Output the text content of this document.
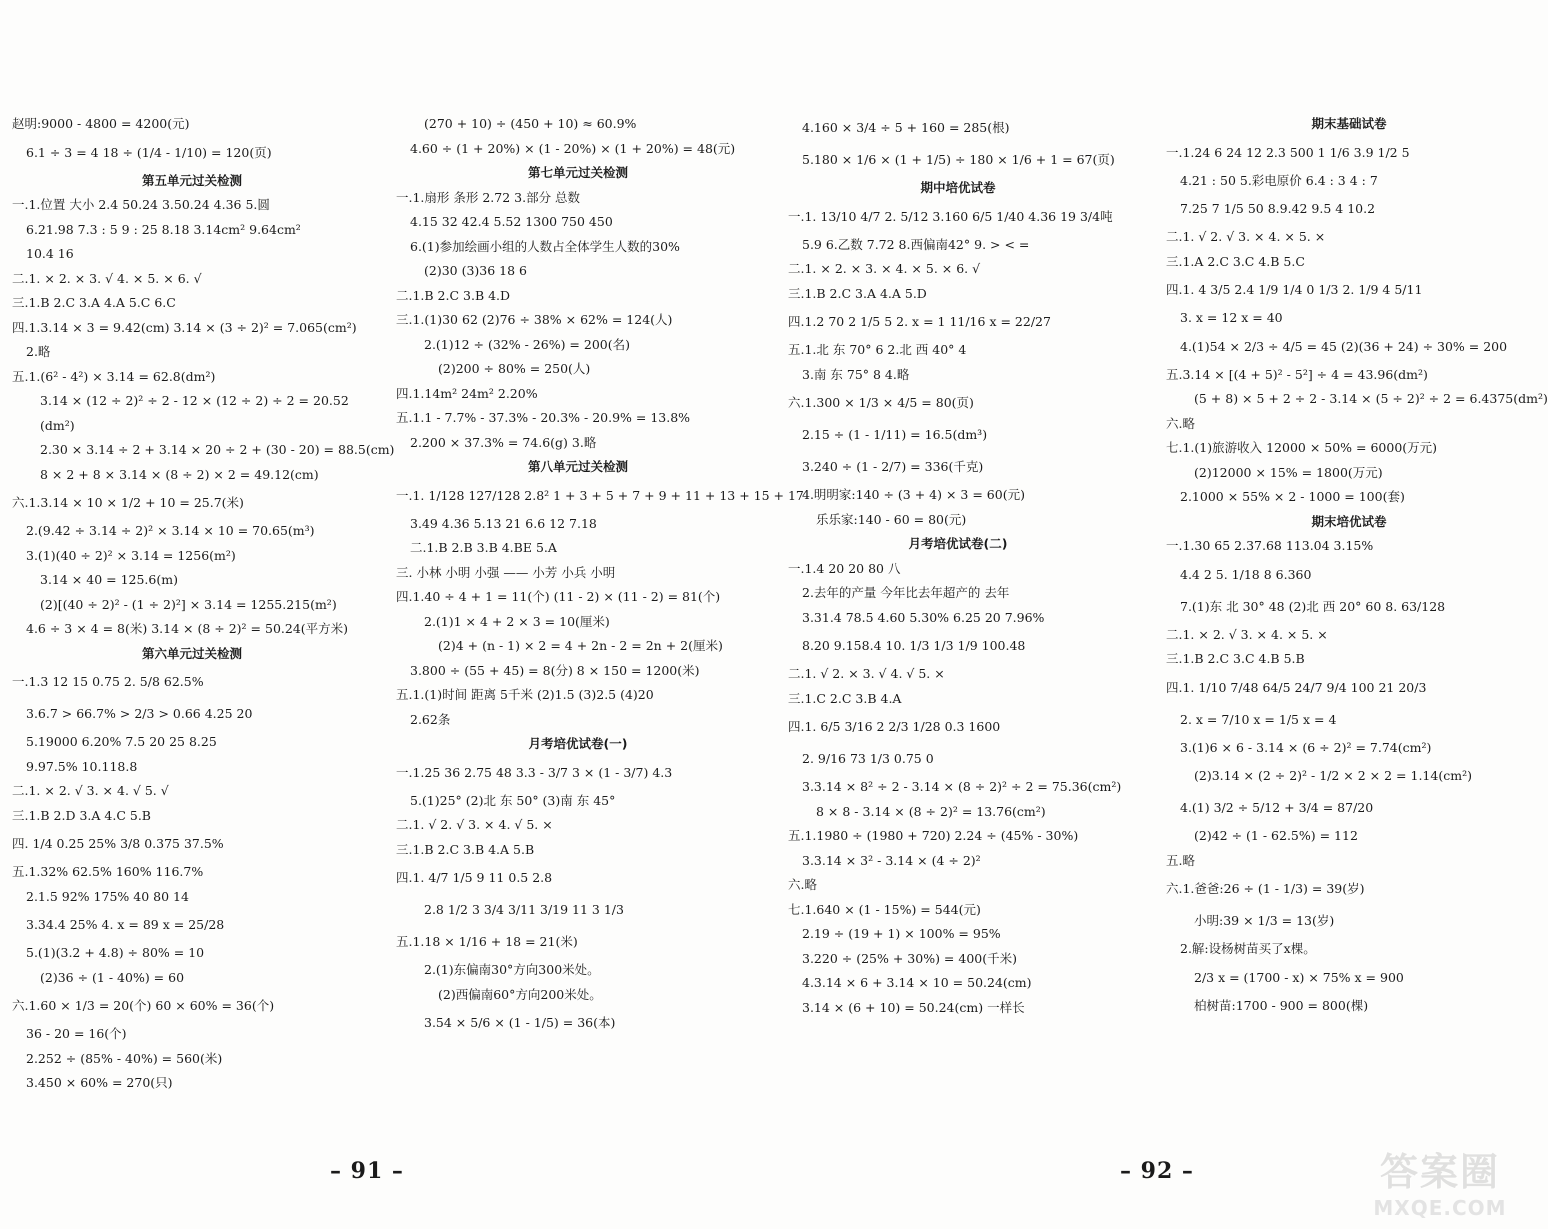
赵明:9000 - 4800 = 4200(元)
6.1 ÷ 3 = 4 18 ÷ (1/4 - 1/10) = 120(页)
第五单元过关检测
一.1.位置 大小 2.4 50.24 3.50.24 4.36 5.圆
6.21.98 7.3 : 5 9 : 25 8.18 3.14cm² 9.64cm²
10.4 16
二.1. × 2. × 3. √ 4. × 5. × 6. √
三.1.B 2.C 3.A 4.A 5.C 6.C
四.1.3.14 × 3 = 9.42(cm) 3.14 × (3 ÷ 2)² = 7.065(cm²)
2.略
五.1.(6² - 4²) × 3.14 = 62.8(dm²)
3.14 × (12 ÷ 2)² ÷ 2 - 12 × (12 ÷ 2) ÷ 2 = 20.52
(dm²)
2.30 × 3.14 ÷ 2 + 3.14 × 20 ÷ 2 + (30 - 20) = 88.5(cm)
8 × 2 + 8 × 3.14 × (8 ÷ 2) × 2 = 49.12(cm)
六.1.3.14 × 10 × 1/2 + 10 = 25.7(米)
2.(9.42 ÷ 3.14 ÷ 2)² × 3.14 × 10 = 70.65(m³)
3.(1)(40 ÷ 2)² × 3.14 = 1256(m²)
3.14 × 40 = 125.6(m)
(2)[(40 ÷ 2)² - (1 ÷ 2)²] × 3.14 = 1255.215(m²)
4.6 ÷ 3 × 4 = 8(米) 3.14 × (8 ÷ 2)² = 50.24(平方米)
第六单元过关检测
一.1.3 12 15 0.75 2. 5/8 62.5%
3.6.7 > 66.7% > 2/3 > 0.66 4.25 20
5.19000 6.20% 7.5 20 25 8.25
9.97.5% 10.118.8
二.1. × 2. √ 3. × 4. √ 5. √
三.1.B 2.D 3.A 4.C 5.B
四. 1/4 0.25 25% 3/8 0.375 37.5%
五.1.32% 62.5% 160% 116.7%
2.1.5 92% 175% 40 80 14
3.34.4 25% 4. x = 89 x = 25/28
5.(1)(3.2 + 4.8) ÷ 80% = 10
(2)36 ÷ (1 - 40%) = 60
六.1.60 × 1/3 = 20(个) 60 × 60% = 36(个)
36 - 20 = 16(个)
2.252 ÷ (85% - 40%) = 560(米)
3.450 × 60% = 270(只)
(270 + 10) ÷ (450 + 10) ≈ 60.9%
4.60 ÷ (1 + 20%) × (1 - 20%) × (1 + 20%) = 48(元)
第七单元过关检测
一.1.扇形 条形 2.72 3.部分 总数
4.15 32 42.4 5.52 1300 750 450
6.(1)参加绘画小组的人数占全体学生人数的30%
(2)30 (3)36 18 6
二.1.B 2.C 3.B 4.D
三.1.(1)30 62 (2)76 ÷ 38% × 62% = 124(人)
2.(1)12 ÷ (32% - 26%) = 200(名)
(2)200 ÷ 80% = 250(人)
四.1.14m² 24m² 2.20%
五.1.1 - 7.7% - 37.3% - 20.3% - 20.9% = 13.8%
2.200 × 37.3% = 74.6(g) 3.略
第八单元过关检测
一.1. 1/128 127/128 2.8² 1 + 3 + 5 + 7 + 9 + 11 + 13 + 15 + 17
3.49 4.36 5.13 21 6.6 12 7.18
二.1.B 2.B 3.B 4.BE 5.A
三. 小林 小明 小强 —— 小芳 小兵 小明
四.1.40 ÷ 4 + 1 = 11(个) (11 - 2) × (11 - 2) = 81(个)
2.(1)1 × 4 + 2 × 3 = 10(厘米)
(2)4 + (n - 1) × 2 = 4 + 2n - 2 = 2n + 2(厘米)
3.800 ÷ (55 + 45) = 8(分) 8 × 150 = 1200(米)
五.1.(1)时间 距离 5千米 (2)1.5 (3)2.5 (4)20
2.62条
月考培优试卷(一)
一.1.25 36 2.75 48 3.3 - 3/7 3 × (1 - 3/7) 4.3
5.(1)25° (2)北 东 50° (3)南 东 45°
二.1. √ 2. √ 3. × 4. √ 5. ×
三.1.B 2.C 3.B 4.A 5.B
四.1. 4/7 1/5 9 11 0.5 2.8
2.8 1/2 3 3/4 3/11 3/19 11 3 1/3
五.1.18 × 1/16 + 18 = 21(米)
2.(1)东偏南30°方向300米处。
(2)西偏南60°方向200米处。
3.54 × 5/6 × (1 - 1/5) = 36(本)
4.160 × 3/4 ÷ 5 + 160 = 285(根)
5.180 × 1/6 × (1 + 1/5) ÷ 180 × 1/6 + 1 = 67(页)
期中培优试卷
一.1. 13/10 4/7 2. 5/12 3.160 6/5 1/40 4.36 19 3/4吨
5.9 6.乙数 7.72 8.西偏南42° 9. > < =
二.1. × 2. × 3. × 4. × 5. × 6. √
三.1.B 2.C 3.A 4.A 5.D
四.1.2 70 2 1/5 5 2. x = 1 11/16 x = 22/27
五.1.北 东 70° 6 2.北 西 40° 4
3.南 东 75° 8 4.略
六.1.300 × 1/3 × 4/5 = 80(页)
2.15 ÷ (1 - 1/11) = 16.5(dm³)
3.240 ÷ (1 - 2/7) = 336(千克)
4.明明家:140 ÷ (3 + 4) × 3 = 60(元)
乐乐家:140 - 60 = 80(元)
月考培优试卷(二)
一.1.4 20 20 80 八
2.去年的产量 今年比去年超产的 去年
3.31.4 78.5 4.60 5.30% 6.25 20 7.96%
8.20 9.158.4 10. 1/3 1/3 1/9 100.48
二.1. √ 2. × 3. √ 4. √ 5. ×
三.1.C 2.C 3.B 4.A
四.1. 6/5 3/16 2 2/3 1/28 0.3 1600
2. 9/16 73 1/3 0.75 0
3.3.14 × 8² ÷ 2 - 3.14 × (8 ÷ 2)² ÷ 2 = 75.36(cm²)
8 × 8 - 3.14 × (8 ÷ 2)² = 13.76(cm²)
五.1.1980 ÷ (1980 + 720) 2.24 ÷ (45% - 30%)
3.3.14 × 3² - 3.14 × (4 ÷ 2)²
六.略
七.1.640 × (1 - 15%) = 544(元)
2.19 ÷ (19 + 1) × 100% = 95%
3.220 ÷ (25% + 30%) = 400(千米)
4.3.14 × 6 + 3.14 × 10 = 50.24(cm)
3.14 × (6 + 10) = 50.24(cm) 一样长
期末基础试卷
一.1.24 6 24 12 2.3 500 1 1/6 3.9 1/2 5
4.21 : 50 5.彩电原价 6.4 : 3 4 : 7
7.25 7 1/5 50 8.9.42 9.5 4 10.2
二.1. √ 2. √ 3. × 4. × 5. ×
三.1.A 2.C 3.C 4.B 5.C
四.1. 4 3/5 2.4 1/9 1/4 0 1/3 2. 1/9 4 5/11
3. x = 12 x = 40
4.(1)54 × 2/3 ÷ 4/5 = 45 (2)(36 + 24) ÷ 30% = 200
五.3.14 × [(4 + 5)² - 5²] ÷ 4 = 43.96(dm²)
(5 + 8) × 5 + 2 ÷ 2 - 3.14 × (5 ÷ 2)² ÷ 2 = 6.4375(dm²)
六.略
七.1.(1)旅游收入 12000 × 50% = 6000(万元)
(2)12000 × 15% = 1800(万元)
2.1000 × 55% × 2 - 1000 = 100(套)
期末培优试卷
一.1.30 65 2.37.68 113.04 3.15%
4.4 2 5. 1/18 8 6.360
7.(1)东 北 30° 48 (2)北 西 20° 60 8. 63/128
二.1. × 2. √ 3. × 4. × 5. ×
三.1.B 2.C 3.C 4.B 5.B
四.1. 1/10 7/48 64/5 24/7 9/4 100 21 20/3
2. x = 7/10 x = 1/5 x = 4
3.(1)6 × 6 - 3.14 × (6 ÷ 2)² = 7.74(cm²)
(2)3.14 × (2 ÷ 2)² - 1/2 × 2 × 2 = 1.14(cm²)
4.(1) 3/2 ÷ 5/12 + 3/4 = 87/20
(2)42 ÷ (1 - 62.5%) = 112
五.略
六.1.爸爸:26 ÷ (1 - 1/3) = 39(岁)
小明:39 × 1/3 = 13(岁)
2.解:设杨树苗买了x棵。
2/3 x = (1700 - x) × 75% x = 900
柏树苗:1700 - 900 = 800(棵)
– 91 –	– 92 –	答案圈
MXQE.COM
